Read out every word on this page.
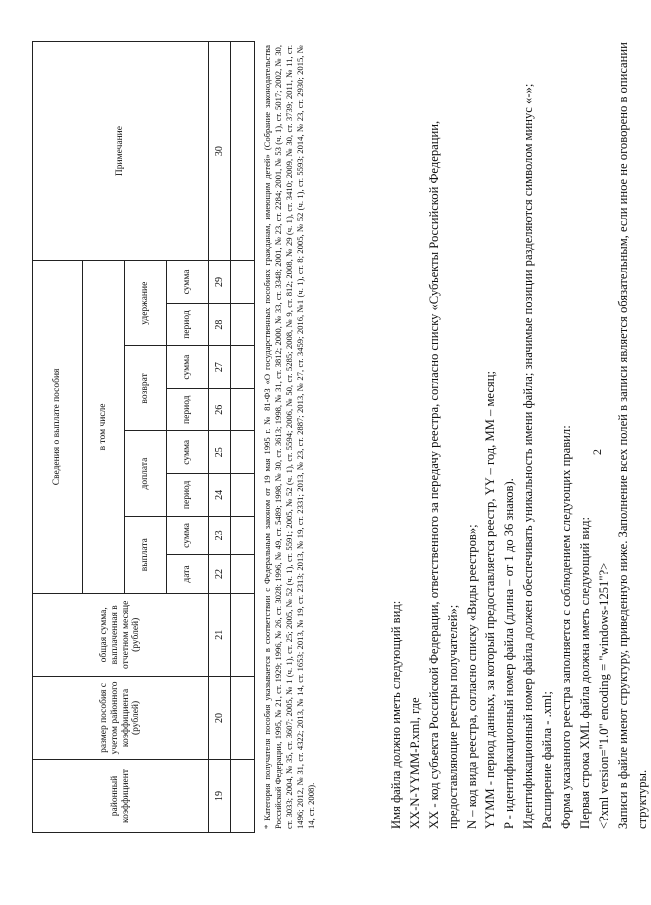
районный коэффициент	размер пособия с учетом районного коэффициента (рублей)	общая сумма, выплаченная в отчетном месяце (рублей)	Сведения о выплате пособия								Примечание
			в том числе								
			выплата		доплата		возврат		удержание		
			дата	сумма	период	сумма	период	сумма	период	сумма	
19	20	21	22	23	24	25	26	27	28	29	30
												* Категория получателя пособия указывается в соответствии с Федеральным законом от 19 мая 1995 г. № 81-ФЗ «О государственных пособиях гражданам, имеющим детей» (Собрание законодательства Российской Федерации, 1995, № 21, ст. 1929; 1996, № 26, ст. 3028; 1996, № 49, ст. 5489; 1998, № 30, ст. 3613; 1998, № 31, ст. 3812; 2000, № 33, ст. 3348; 2001, № 23, ст. 2284; 2001, № 53 (ч. 1), ст. 5017; 2002, № 30, ст. 3033; 2004, № 35, ст. 3607; 2005, № 1 (ч. 1), ст. 25; 2005, № 52 (ч. 1), ст. 5591; 2005, № 52 (ч. 1), ст. 5594; 2006, № 50, ст. 5285; 2008, № 9, ст. 812; 2008, № 29 (ч. 1), ст. 3410; 2009, № 30, ст. 3739; 2011, № 11, ст. 1496; 2012, № 31, ст. 4322; 2013, № 14, ст. 1653; 2013, № 19, ст. 2313; 2013, № 19, ст. 2331; 2013, № 23, ст. 2887; 2013, № 27, ст. 3459; 2016, №1 (ч. 1), ст. 8; 2005, № 52 (ч. 1), ст. 5593; 2014, № 23, ст. 2930; 2015, № 14, ст. 2008).	Имя файла должно иметь следующий вид: XX-N-YYMM-P.xml, где XX - код субъекта Российской Федерации, ответственного за передачу реестра, согласно списку «Субъекты Российской Федерации, предоставляющие реестры получателей»; N – код вида реестра, согласно списку «Виды реестров»; YYMM - период данных, за который предоставляется реестр, YY – год, MM – месяц; P - идентификационный номер файла (длина – от 1 до 36 знаков). Идентификационный номер файла должен обеспечивать уникальность имени файла; значимые позиции разделяются символом минус «-»; Расширение файла - .xml; Форма указанного реестра заполняется с соблюдением следующих правил: Первая строка XML файла должна иметь следующий вид: <?xml version="1.0" encoding = "windows-1251"?> Записи в файле имеют структуру, приведенную ниже. Заполнение всех полей в записи является обязательным, если иное не оговорено в описании структуры.

2
